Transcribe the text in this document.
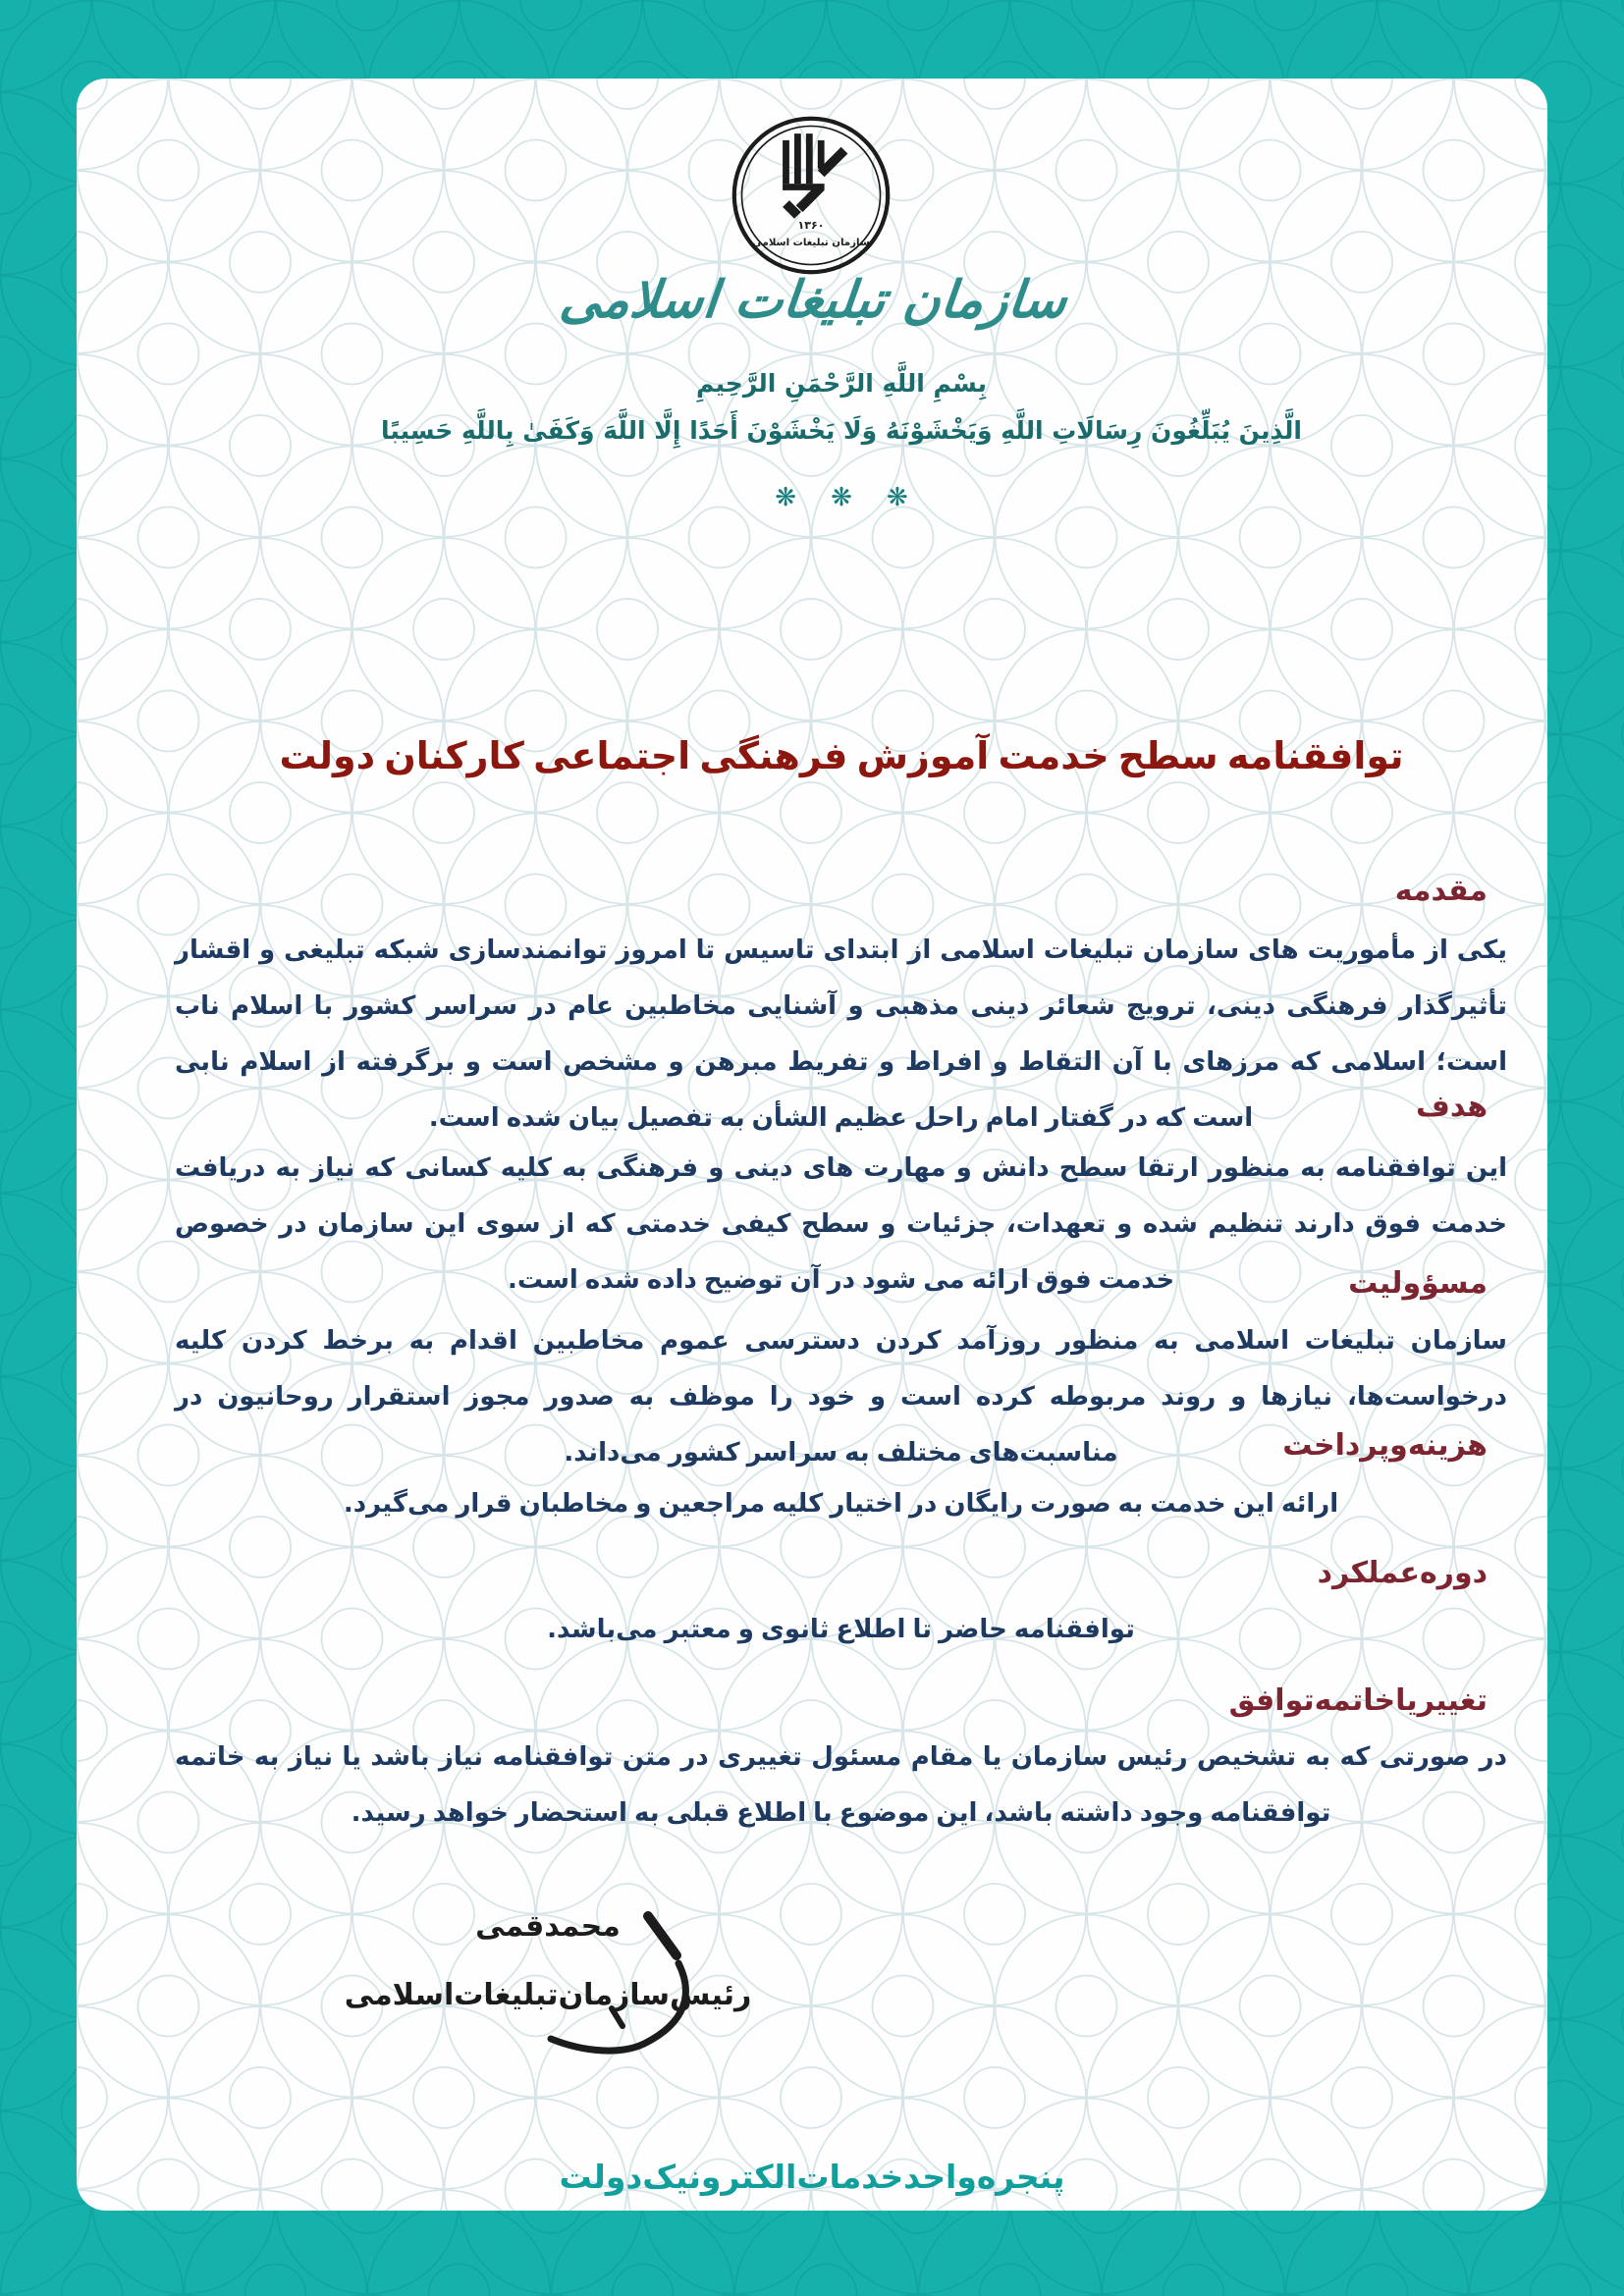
۱۳۶۰
سازمان تبلیغات اسلامی
سازمان تبلیغات اسلامی
بِسْمِ اللَّهِ الرَّحْمَنِ الرَّحِيمِ
الَّذِينَ يُبَلِّغُونَ رِسَالَاتِ اللَّهِ وَيَخْشَوْنَهُ وَلَا يَخْشَوْنَ أَحَدًا إِلَّا اللَّهَ وَكَفَىٰ بِاللَّهِ حَسِيبًا
❋ ❋ ❋
توافقنامه سطح خدمت آموزش فرهنگی اجتماعی کارکنان دولت
مقدمه
یکی از مأموریت های سازمان تبلیغات اسلامی از ابتدای تاسیس تا امروز توانمندسازی شبکه تبلیغی و اقشار تأثیرگذار فرهنگی دینی، ترویج شعائر دینی مذهبی و آشنایی مخاطبین عام در سراسر کشور با اسلام ناب است؛ اسلامی که مرزهای با آن التقاط و افراط و تفریط مبرهن و مشخص است و برگرفته از اسلام نابی است که در گفتار امام راحل عظیم الشأن به تفصیل بیان شده است.	هدف
این توافقنامه به منظور ارتقا سطح دانش و مهارت های دینی و فرهنگی به کلیه کسانی که نیاز به دریافت خدمت فوق دارند تنظیم شده و تعهدات، جزئیات و سطح کیفی خدمتی که از سوی این سازمان در خصوص خدمت فوق ارائه می شود در آن توضیح داده شده است.	مسؤولیت
سازمان تبلیغات اسلامی به منظور روزآمد کردن دسترسی عموم مخاطبین اقدام به برخط کردن کلیه درخواست‌ها، نیازها و روند مربوطه کرده است و خود را موظف به صدور مجوز استقرار روحانیون در مناسبت‌های مختلف به سراسر کشور می‌داند.	هزینه‌وپرداخت
ارائه این خدمت به صورت رایگان در اختیار کلیه مراجعین و مخاطبان قرار می‌گیرد.
دوره‌عملکرد
توافقنامه حاضر تا اطلاع ثانوی و معتبر می‌باشد.
تغییریاخاتمه‌توافق
در صورتی که به تشخیص رئیس سازمان یا مقام مسئول تغییری در متن توافقنامه نیاز باشد یا نیاز به خاتمه توافقنامه وجود داشته باشد، این موضوع با اطلاع قبلی به استحضار خواهد رسید.
محمدقمی
رئیس‌سازمان‌تبلیغات‌اسلامی
پنجره‌واحدخدمات‌الکترونیک‌دولت
